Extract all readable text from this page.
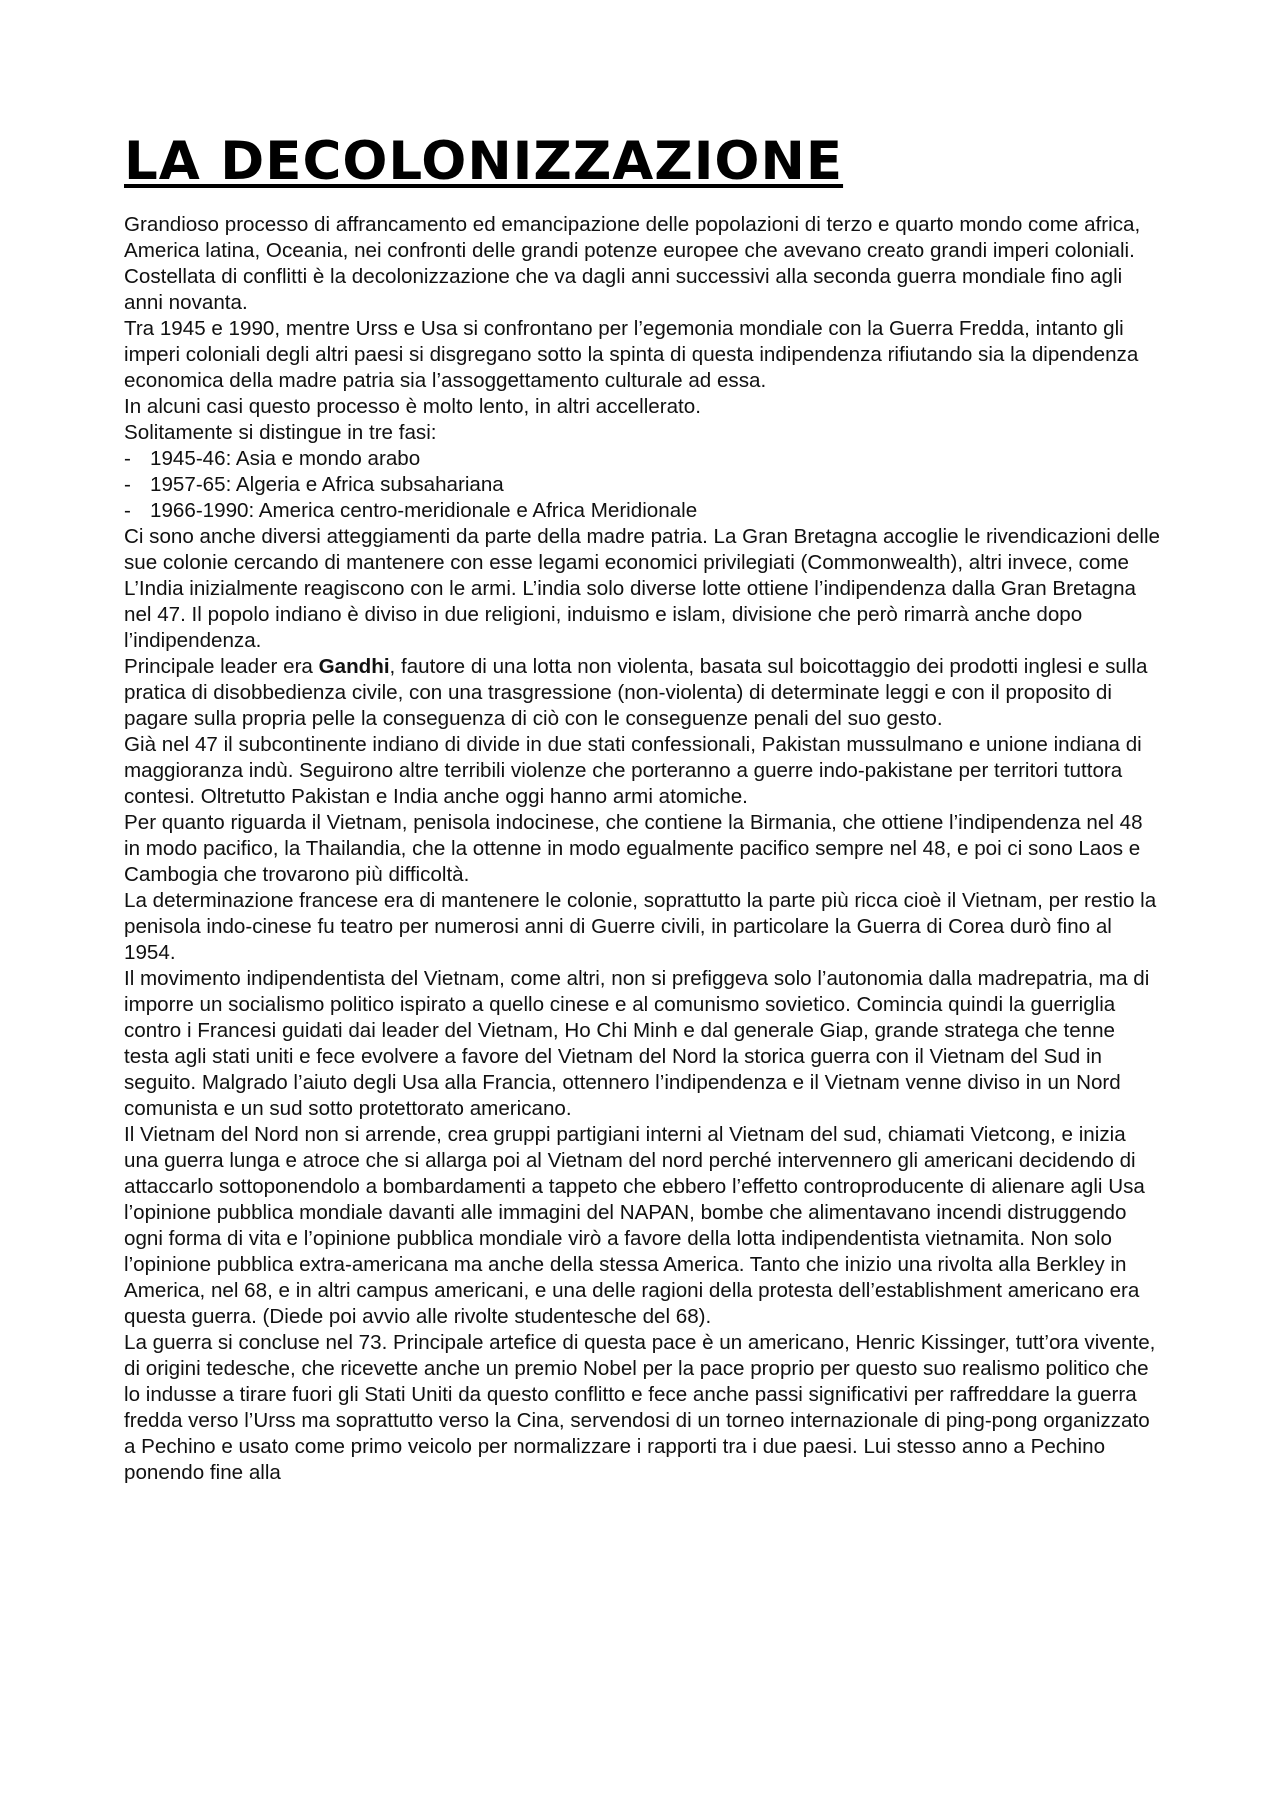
LA DECOLONIZZAZIONE

Grandioso processo di affrancamento ed emancipazione delle popolazioni di terzo e quarto mondo come africa, America latina, Oceania, nei confronti delle grandi potenze europee che avevano creato grandi imperi coloniali.

Costellata di conflitti è la decolonizzazione che va dagli anni successivi alla seconda guerra mondiale fino agli anni novanta.

Tra 1945 e 1990, mentre Urss e Usa si confrontano per l’egemonia mondiale con la Guerra Fredda, intanto gli imperi coloniali degli altri paesi si disgregano sotto la spinta di questa indipendenza rifiutando sia la dipendenza economica della madre patria sia l’assoggettamento culturale ad essa.

In alcuni casi questo processo è molto lento, in altri accellerato.

Solitamente si distingue in tre fasi:

- 1945-46: Asia e mondo arabo
- 1957-65: Algeria e Africa subsahariana
- 1966-1990: America centro-meridionale e Africa Meridionale

Ci sono anche diversi atteggiamenti da parte della madre patria. La Gran Bretagna accoglie le rivendicazioni delle sue colonie cercando di mantenere con esse legami economici privilegiati (Commonwealth), altri invece, come L’India inizialmente reagiscono con le armi. L’india solo diverse lotte ottiene l’indipendenza dalla Gran Bretagna nel 47. Il popolo indiano è diviso in due religioni, induismo e islam, divisione che però rimarrà anche dopo l’indipendenza.

Principale leader era Gandhi, fautore di una lotta non violenta, basata sul boicottaggio dei prodotti inglesi e sulla pratica di disobbedienza civile, con una trasgressione (non-violenta) di determinate leggi e con il proposito di pagare sulla propria pelle la conseguenza di ciò con le conseguenze penali del suo gesto.

Già nel 47 il subcontinente indiano di divide in due stati confessionali, Pakistan mussulmano e unione indiana di maggioranza indù. Seguirono altre terribili violenze che porteranno a guerre indo-pakistane per territori tuttora contesi. Oltretutto Pakistan e India anche oggi hanno armi atomiche.

Per quanto riguarda il Vietnam, penisola indocinese, che contiene la Birmania, che ottiene l’indipendenza nel 48 in modo pacifico, la Thailandia, che la ottenne in modo egualmente pacifico sempre nel 48, e poi ci sono Laos e Cambogia che trovarono più difficoltà.

La determinazione francese era di mantenere le colonie, soprattutto la parte più ricca cioè il Vietnam, per restio la penisola indo-cinese fu teatro per numerosi anni di Guerre civili, in particolare la Guerra di Corea durò fino al 1954.

Il movimento indipendentista del Vietnam, come altri, non si prefiggeva solo l’autonomia dalla madrepatria, ma di imporre un socialismo politico ispirato a quello cinese e al comunismo sovietico. Comincia quindi la guerriglia contro i Francesi guidati dai leader del Vietnam, Ho Chi Minh e dal generale Giap, grande stratega che tenne testa agli stati uniti e fece evolvere a favore del Vietnam del Nord la storica guerra con il Vietnam del Sud in seguito. Malgrado l’aiuto degli Usa alla Francia, ottennero l’indipendenza e il Vietnam venne diviso in un Nord comunista e un sud sotto protettorato americano.

Il Vietnam del Nord non si arrende, crea gruppi partigiani interni al Vietnam del sud, chiamati Vietcong, e inizia una guerra lunga e atroce che si allarga poi al Vietnam del nord perché intervennero gli americani decidendo di attaccarlo sottoponendolo a bombardamenti a tappeto che ebbero l’effetto controproducente di alienare agli Usa l’opinione pubblica mondiale davanti alle immagini del NAPAN, bombe che alimentavano incendi distruggendo ogni forma di vita e l’opinione pubblica mondiale virò a favore della lotta indipendentista vietnamita. Non solo l’opinione pubblica extra-americana ma anche della stessa America. Tanto che inizio una rivolta alla Berkley in America, nel 68, e in altri campus americani, e una delle ragioni della protesta dell’establishment americano era questa guerra. (Diede poi avvio alle rivolte studentesche del 68).

La guerra si concluse nel 73. Principale artefice di questa pace è un americano, Henric Kissinger, tutt’ora vivente, di origini tedesche, che ricevette anche un premio Nobel per la pace proprio per questo suo realismo politico che lo indusse a tirare fuori gli Stati Uniti da questo conflitto e fece anche passi significativi per raffreddare la guerra fredda verso l’Urss ma soprattutto verso la Cina, servendosi di un torneo internazionale di ping-pong organizzato a Pechino e usato come primo veicolo per normalizzare i rapporti tra i due paesi. Lui stesso anno a Pechino ponendo fine alla
